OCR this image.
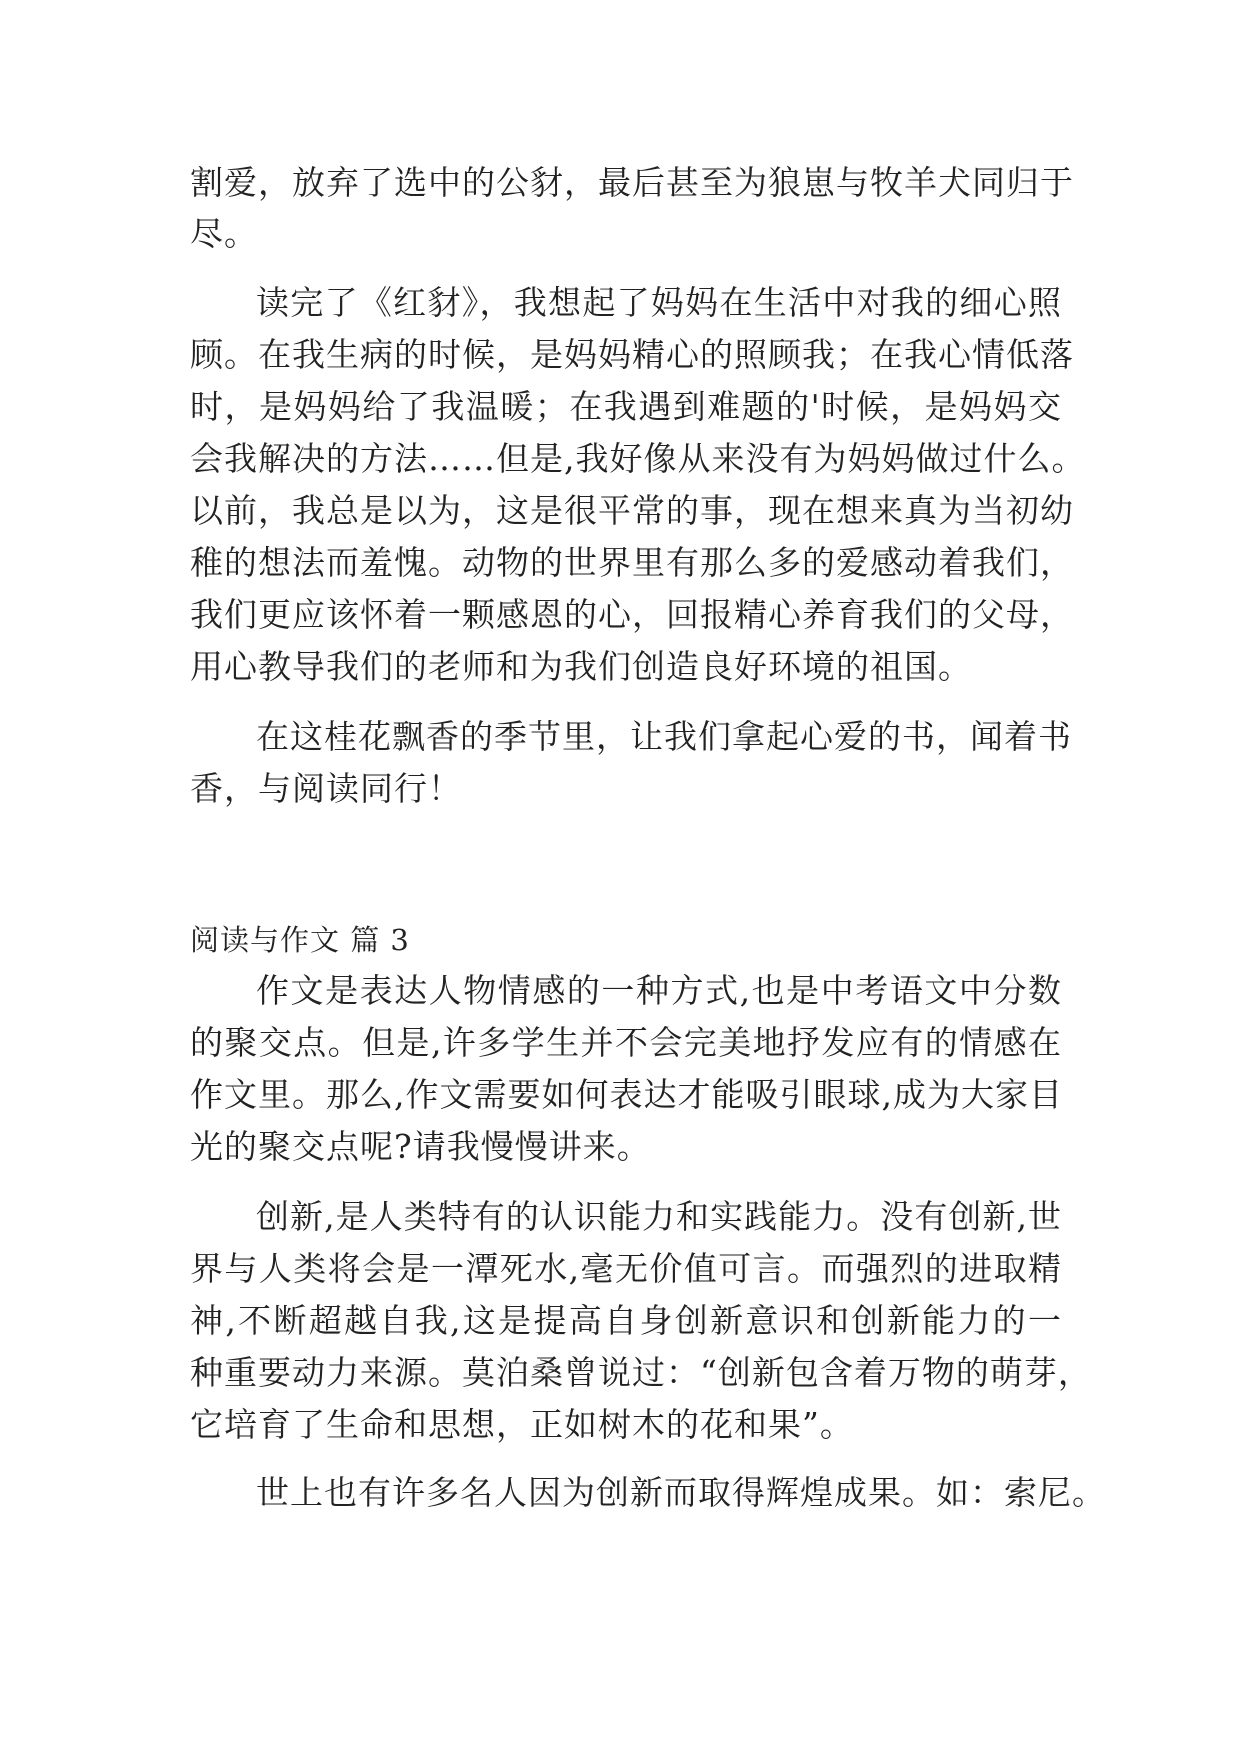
割爱，放弃了选中的公豺，最后甚至为狼崽与牧羊犬同归于
尽。
读完了《红豺》，我想起了妈妈在生活中对我的细心照
顾。在我生病的时候，是妈妈精心的照顾我；在我心情低落
时，是妈妈给了我温暖；在我遇到难题的'时候，是妈妈交
会我解决的方法……但是,我好像从来没有为妈妈做过什么。
以前，我总是以为，这是很平常的事，现在想来真为当初幼
稚的想法而羞愧。动物的世界里有那么多的爱感动着我们，
我们更应该怀着一颗感恩的心，回报精心养育我们的父母，
用心教导我们的老师和为我们创造良好环境的祖国。
在这桂花飘香的季节里，让我们拿起心爱的书，闻着书
香，与阅读同行！
阅读与作文 篇 3
作文是表达人物情感的一种方式,也是中考语文中分数
的聚交点。但是,许多学生并不会完美地抒发应有的情感在
作文里。那么,作文需要如何表达才能吸引眼球,成为大家目
光的聚交点呢?请我慢慢讲来。
创新,是人类特有的认识能力和实践能力。没有创新,世
界与人类将会是一潭死水,毫无价值可言。而强烈的进取精
神,不断超越自我,这是提高自身创新意识和创新能力的一
种重要动力来源。莫泊桑曾说过：“创新包含着万物的萌芽，
它培育了生命和思想，正如树木的花和果”。
世上也有许多名人因为创新而取得辉煌成果。如：索尼。
